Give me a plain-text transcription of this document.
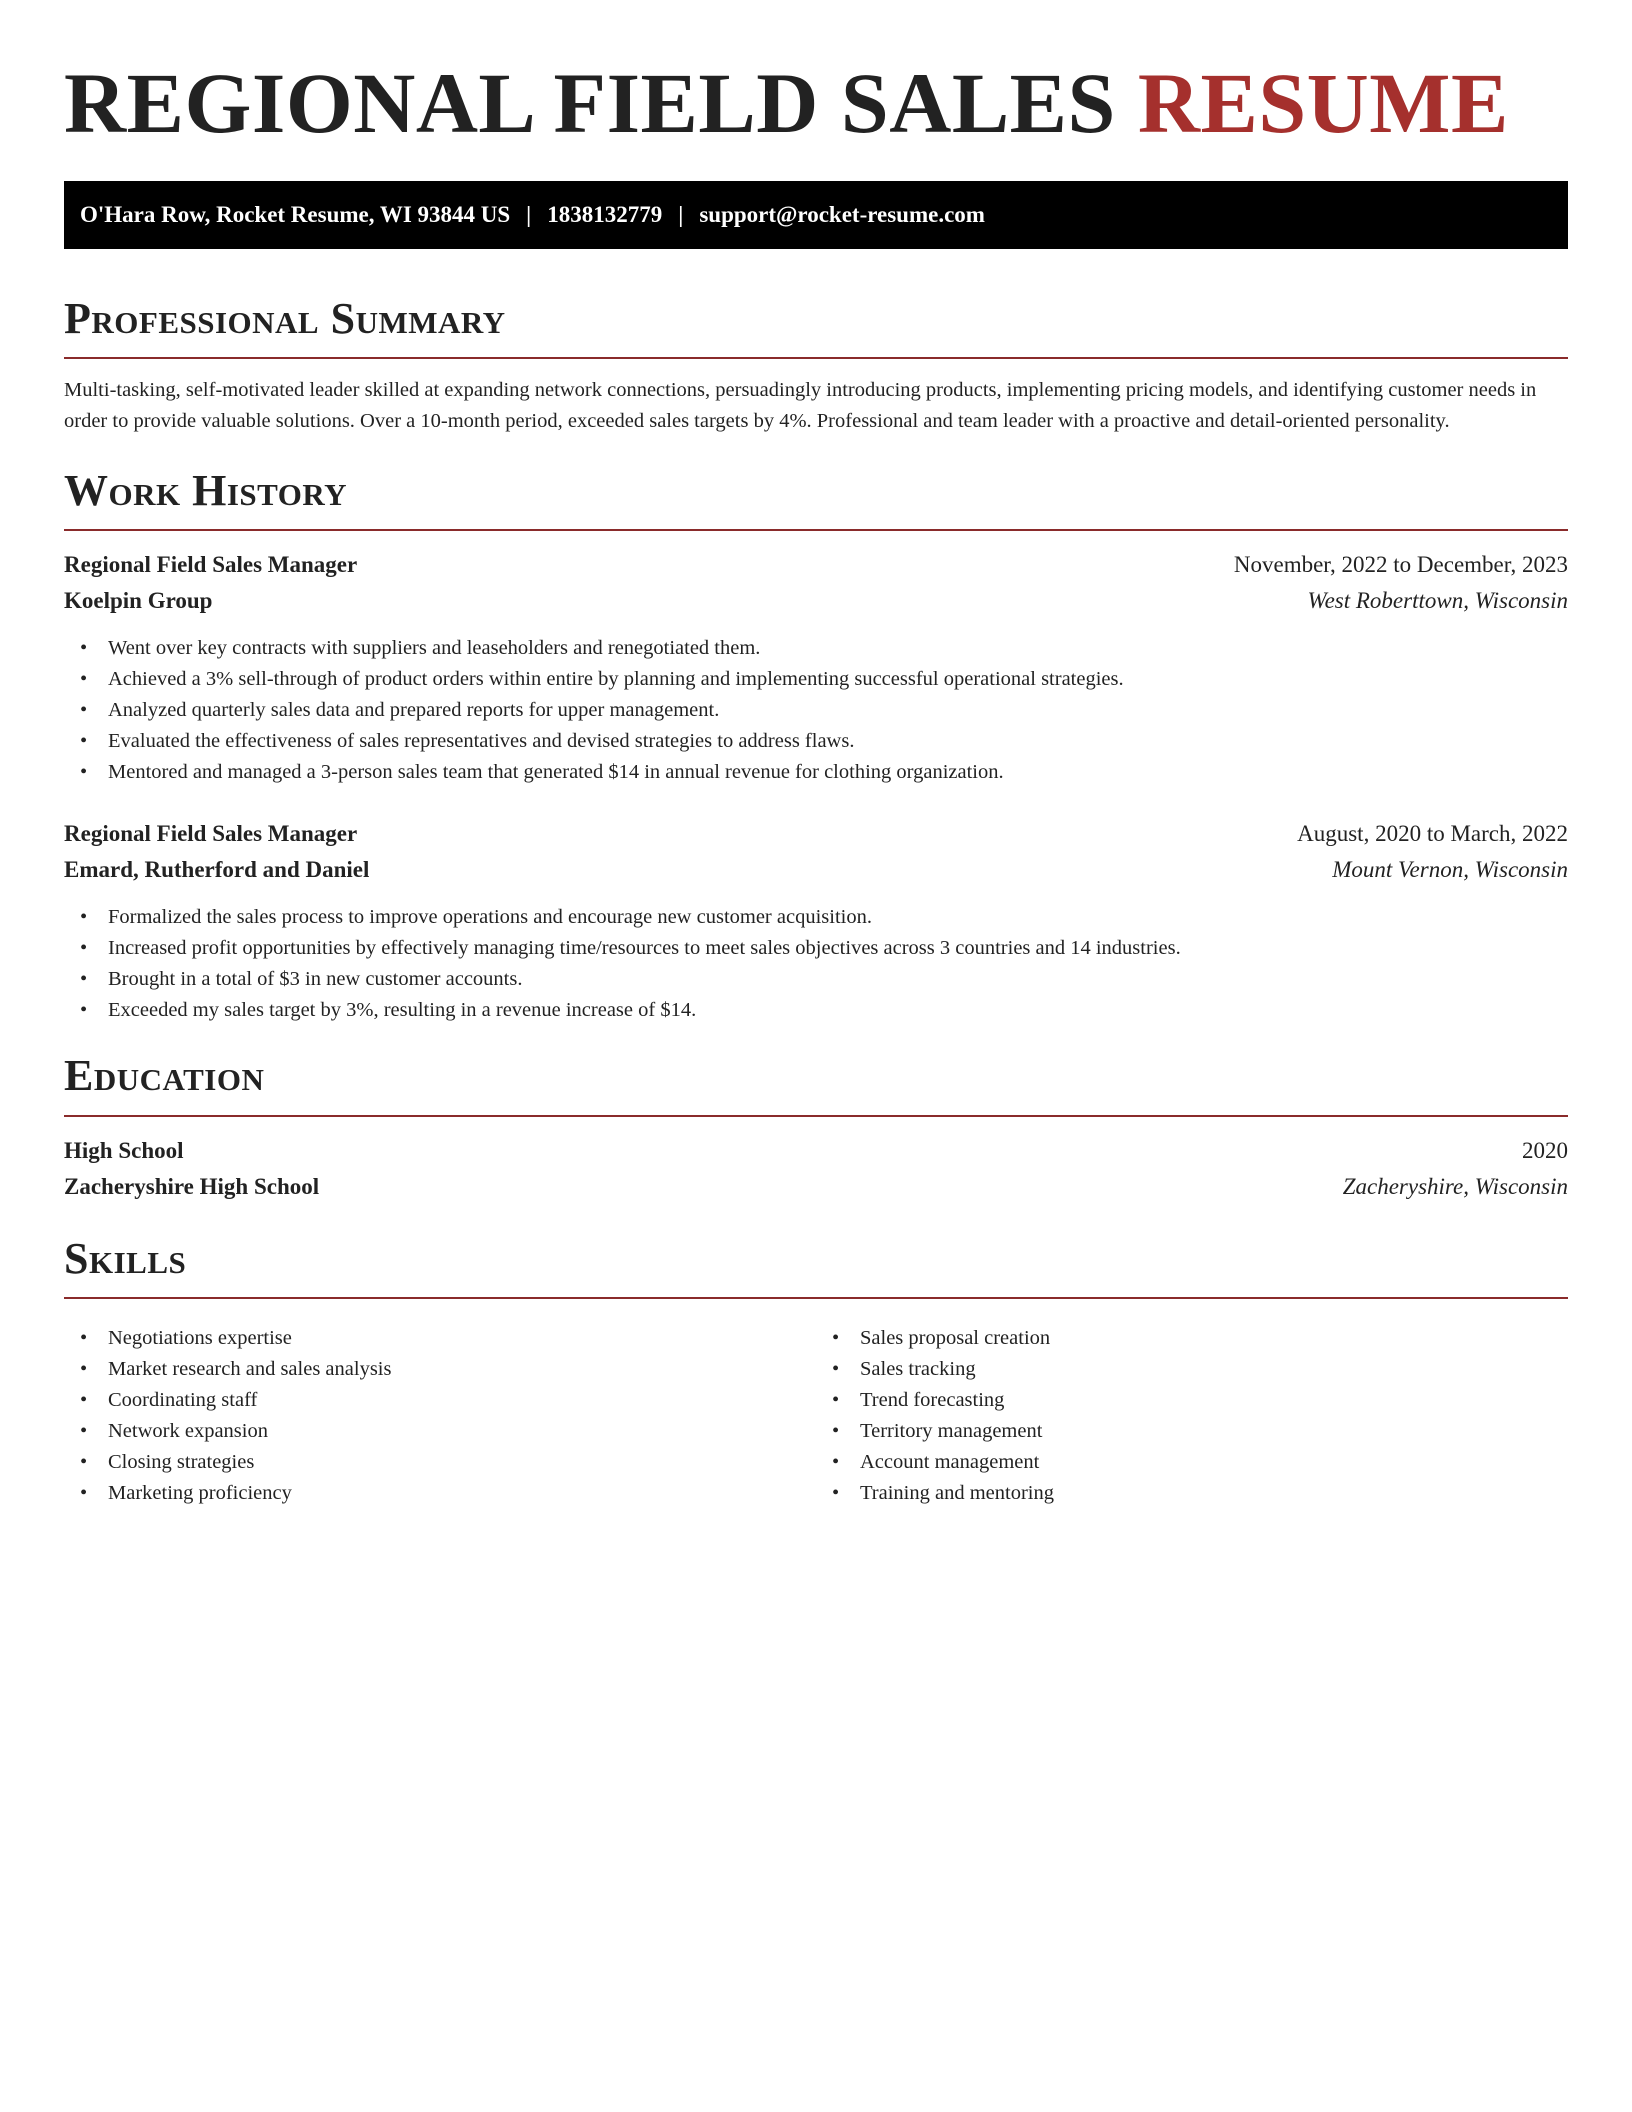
REGIONAL FIELD SALES RESUME
O'Hara Row, Rocket Resume, WI 93844 US | 1838132779 | support@rocket-resume.com
Professional Summary

Multi-tasking, self-motivated leader skilled at expanding network connections, persuadingly introducing products, implementing pricing models, and identifying customer needs in order to provide valuable solutions. Over a 10-month period, exceeded sales targets by 4%. Professional and team leader with a proactive and detail-oriented personality.

Work History
Regional Field Sales Manager	November, 2022 to December, 2023
Koelpin Group	West Roberttown, Wisconsin
• Went over key contracts with suppliers and leaseholders and renegotiated them.
• Achieved a 3% sell-through of product orders within entire by planning and implementing successful operational strategies.
• Analyzed quarterly sales data and prepared reports for upper management.
• Evaluated the effectiveness of sales representatives and devised strategies to address flaws.
• Mentored and managed a 3-person sales team that generated $14 in annual revenue for clothing organization.
Regional Field Sales Manager	August, 2020 to March, 2022
Emard, Rutherford and Daniel	Mount Vernon, Wisconsin
• Formalized the sales process to improve operations and encourage new customer acquisition.
• Increased profit opportunities by effectively managing time/resources to meet sales objectives across 3 countries and 14 industries.
• Brought in a total of $3 in new customer accounts.
• Exceeded my sales target by 3%, resulting in a revenue increase of $14.
Education
High School	2020
Zacheryshire High School	Zacheryshire, Wisconsin
Skills
• Negotiations expertise
• Market research and sales analysis
• Coordinating staff
• Network expansion
• Closing strategies
• Marketing proficiency
• Sales proposal creation
• Sales tracking
• Trend forecasting
• Territory management
• Account management
• Training and mentoring
